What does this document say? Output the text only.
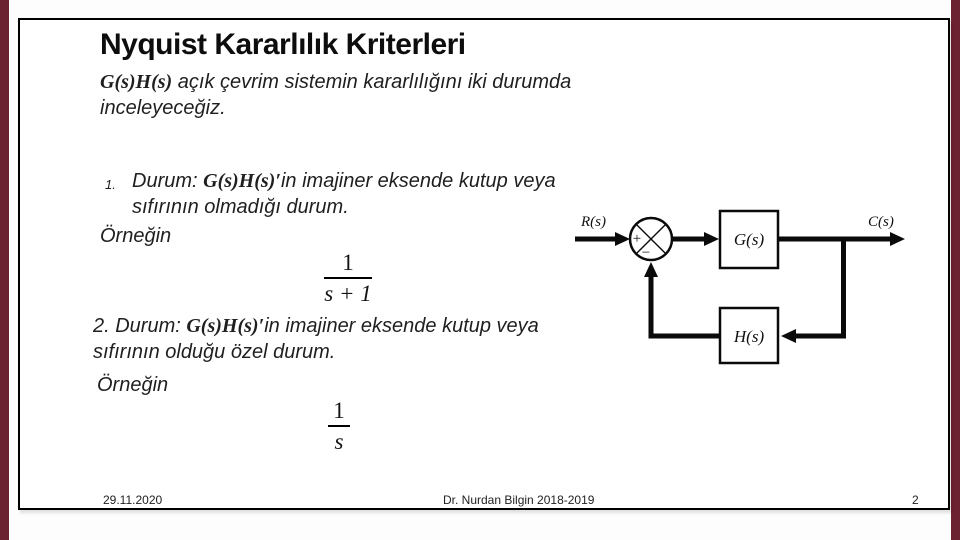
Nyquist Kararlılık Kriterleri
G(s)H(s) açık çevrim sistemin kararlılığını iki durumda
inceleyeceğiz.
1. Durum: G(s)H(s)′in imajiner eksende kutup veya
sıfırının olmadığı durum.
Örneğin
1
s + 1
2. Durum: G(s)H(s)′in imajiner eksende kutup veya
sıfırının olduğu özel durum.
Örneğin
1
s
R(s)
+
−
G(s)
C(s)
H(s)
29.11.2020	Dr. Nurdan Bilgin 2018-2019	2
